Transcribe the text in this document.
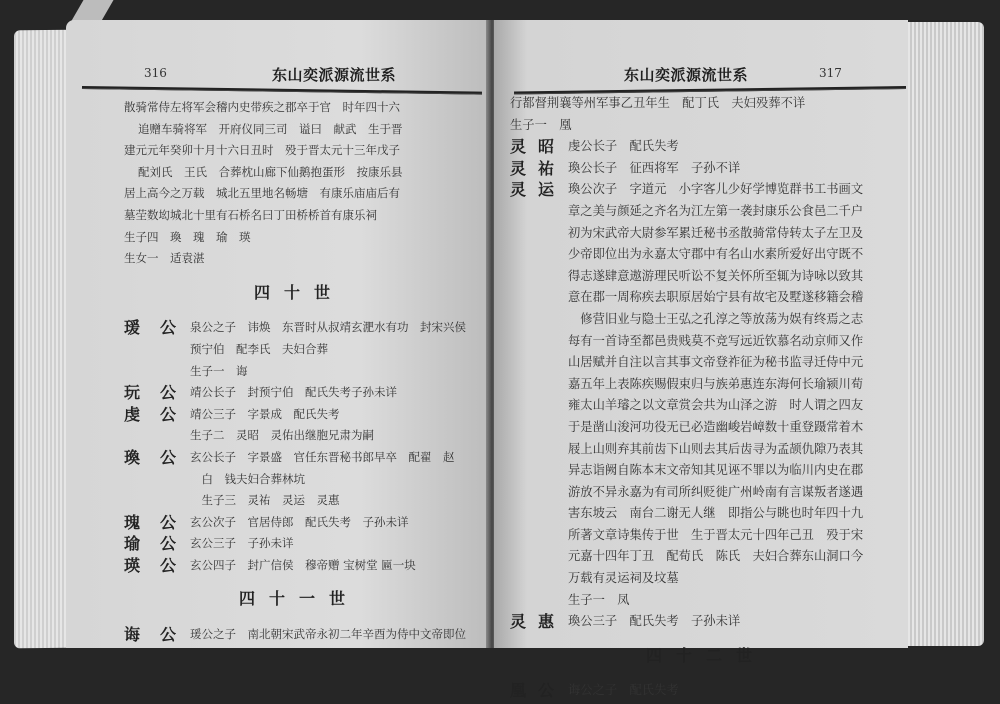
316	东山奕派源流世系
散骑常侍左将军会稽内史带疾之郡卒于官　时年四十六
追赠车骑将军　开府仪同三司　谥曰　献武　生于晋
建元元年癸卯十月十六日丑时　殁于晋太元十三年戊子
配刘氏　王氏　合葬枕山廊下仙鹅抱蛋形　按康乐县
居上高今之万载　城北五里地名畅塘　有康乐庙庙后有
墓茔数㘭城北十里有石桥名曰丁田桥桥首有康乐祠
生子四　瑍　瑰　瑜　瑛
生女一　适袁湛
四十世
瑗 公 泉公之子　讳焕　东晋时从叔靖玄淝水有功　封宋兴侯
预宁伯　配李氏　夫妇合葬
生子一　诲
玩 公 靖公长子　封预宁伯　配氏失考子孙未详
虔 公 靖公三子　字景成　配氏失考
生子二　灵昭　灵佑出继胞兄肃为嗣
瑍 公 玄公长子　字景盛　官任东晋秘书郎早卒　配翟　赵
　白　钱夫妇合葬林坑
　生子三　灵祐　灵运　灵惠
瑰 公 玄公次子　官居侍郎　配氏失考　子孙未详
瑜 公 玄公三子　子孙未详
瑛 公 玄公四子　封广信侯　穆帝赠 宝树堂 匾一块
四十一世
诲 公 瑗公之子　南北朝宋武帝永初二年辛酉为侍中文帝即位
东山奕派源流世系	317
行都督荆襄等州军事乙丑年生　配丁氏　夫妇殁葬不详
生子一　凰
灵 昭 虔公长子　配氏失考
灵 祐 瑍公长子　征西将军　子孙不详
灵 运 瑍公次子　字道元　小字客儿少好学博览群书工书画文
章之美与颜延之齐名为江左第一袭封康乐公食邑二千户
初为宋武帝大尉参军累迁秘书丞散骑常侍转太子左卫及
少帝即位出为永嘉太守郡中有名山水素所爱好出守既不
得志遂肆意遨游理民听讼不复关怀所至辄为诗咏以致其
意在郡一周称疾去职原居始宁县有故宅及墅遂移籍会稽
　修营旧业与隐士王弘之孔淳之等放荡为娱有终焉之志
每有一首诗至都邑贵贱莫不竞写远近钦慕名动京师又作
山居赋并自注以言其事文帝登祚征为秘书监寻迁侍中元
嘉五年上表陈疾赐假束归与族弟惠连东海何长瑜颍川荀
雍太山羊璿之以文章赏会共为山泽之游　时人谓之四友
于是凿山浚河功役无已必造幽峻岩嶂数十重登蹑常着木
屐上山则弃其前齿下山则去其后齿寻为孟颉仇隙乃表其
异志诣阙自陈本末文帝知其见诬不罪以为临川内史在郡
游放不异永嘉为有司所纠贬徙广州岭南有言谋叛者遂遇
害东坡云　南台二谢无人继　即指公与眺也时年四十九
所著文章诗集传于世　生于晋太元十四年己丑　殁于宋
元嘉十四年丁丑　配荀氏　陈氏　夫妇合葬东山洞口今
万载有灵运祠及坟墓
生子一　凤
灵 惠 瑍公三子　配氏失考　子孙未详
四十二世
凰 公 诲公之子　配氏失考
